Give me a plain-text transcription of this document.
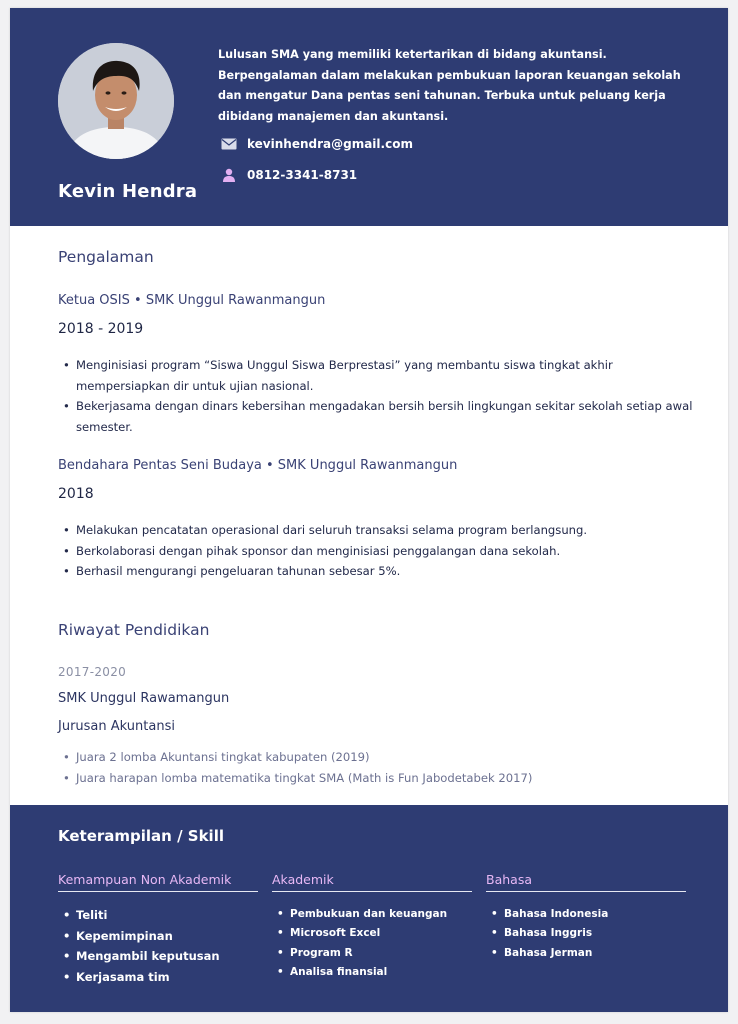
Kevin Hendra
Lulusan SMA yang memiliki ketertarikan di bidang akuntansi. Berpengalaman dalam melakukan pembukuan laporan keuangan sekolah dan mengatur Dana pentas seni tahunan. Terbuka untuk peluang kerja dibidang manajemen dan akuntansi.
kevinhendra@gmail.com
0812-3341-8731
Pengalaman
Ketua OSIS • SMK Unggul Rawanmangun
2018 - 2019
• Menginisiasi program “Siswa Unggul Siswa Berprestasi” yang membantu siswa tingkat akhir mempersiapkan dir untuk ujian nasional.
• Bekerjasama dengan dinars kebersihan mengadakan bersih bersih lingkungan sekitar sekolah setiap awal semester.
Bendahara Pentas Seni Budaya • SMK Unggul Rawanmangun
2018
• Melakukan pencatatan operasional dari seluruh transaksi selama program berlangsung.
• Berkolaborasi dengan pihak sponsor dan menginisiasi penggalangan dana sekolah.
• Berhasil mengurangi pengeluaran tahunan sebesar 5%.
Riwayat Pendidikan
2017-2020
SMK Unggul Rawamangun
Jurusan Akuntansi
• Juara 2 lomba Akuntansi tingkat kabupaten (2019)
• Juara harapan lomba matematika tingkat SMA (Math is Fun Jabodetabek 2017)
Keterampilan / Skill
Kemampuan Non Akademik
• Teliti
• Kepemimpinan
• Mengambil keputusan
• Kerjasama tim
Akademik
• Pembukuan dan keuangan
• Microsoft Excel
• Program R
• Analisa finansial
Bahasa
• Bahasa Indonesia
• Bahasa Inggris
• Bahasa Jerman
